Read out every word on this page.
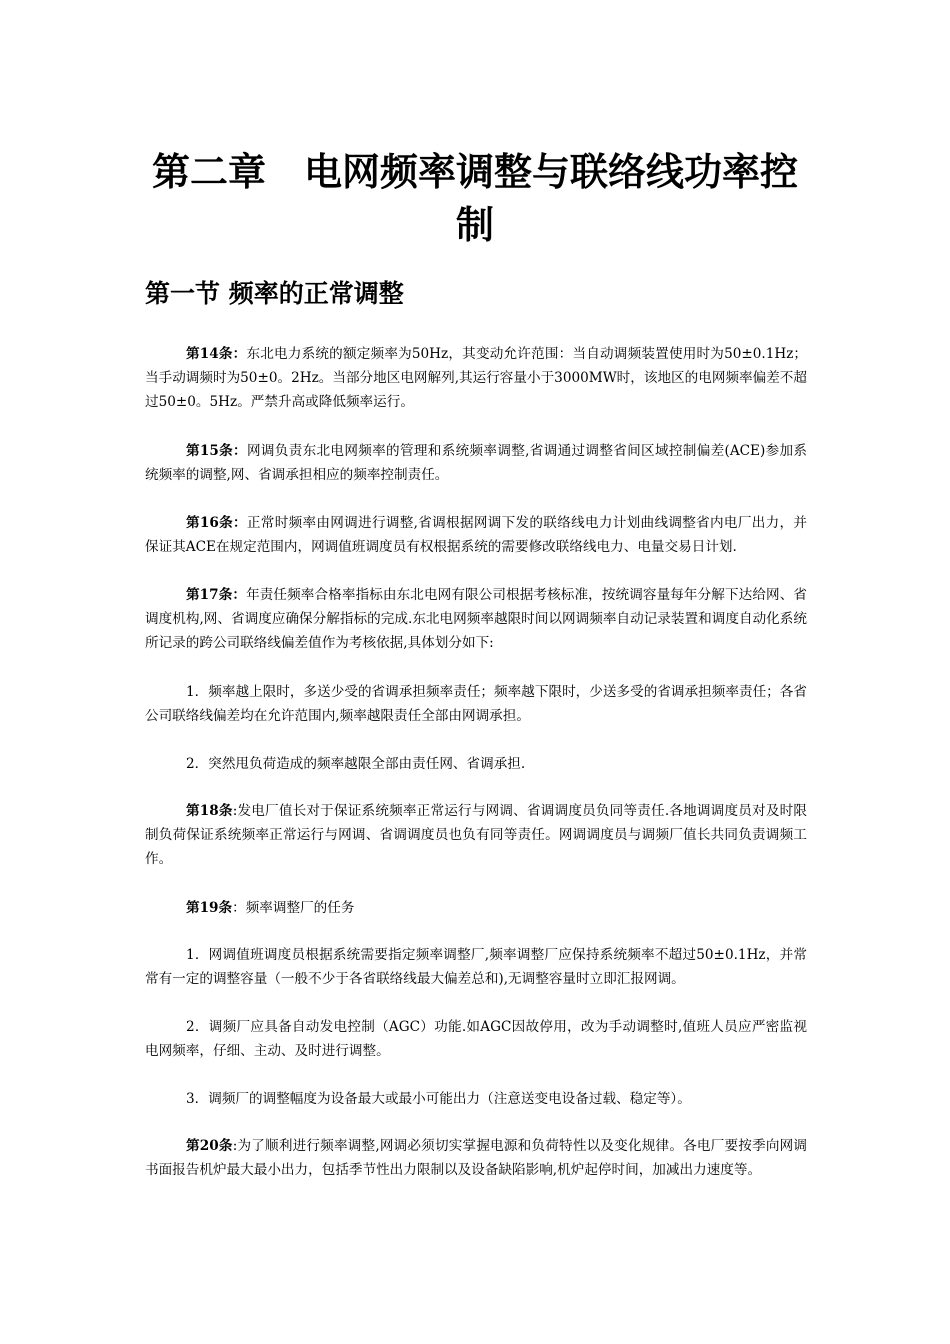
第二章　电网频率调整与联络线功率控
制
第一节 频率的正常调整
第14条：东北电力系统的额定频率为50Hz，其变动允许范围：当自动调频装置使用时为50±0.1Hz；当手动调频时为50±0。2Hz。当部分地区电网解列,其运行容量小于3000MW时，该地区的电网频率偏差不超过50±0。5Hz。严禁升高或降低频率运行。
第15条：网调负责东北电网频率的管理和系统频率调整,省调通过调整省间区域控制偏差(ACE)参加系统频率的调整,网、省调承担相应的频率控制责任。
第16条：正常时频率由网调进行调整,省调根据网调下发的联络线电力计划曲线调整省内电厂出力，并保证其ACE在规定范围内，网调值班调度员有权根据系统的需要修改联络线电力、电量交易日计划.
第17条：年责任频率合格率指标由东北电网有限公司根据考核标准，按统调容量每年分解下达给网、省调度机构,网、省调度应确保分解指标的完成.东北电网频率越限时间以网调频率自动记录装置和调度自动化系统所记录的跨公司联络线偏差值作为考核依据,具体划分如下:
1．频率越上限时，多送少受的省调承担频率责任；频率越下限时，少送多受的省调承担频率责任；各省公司联络线偏差均在允许范围内,频率越限责任全部由网调承担。
2．突然甩负荷造成的频率越限全部由责任网、省调承担.
第18条:发电厂值长对于保证系统频率正常运行与网调、省调调度员负同等责任.各地调调度员对及时限制负荷保证系统频率正常运行与网调、省调调度员也负有同等责任。网调调度员与调频厂值长共同负责调频工作。
第19条：频率调整厂的任务
1．网调值班调度员根据系统需要指定频率调整厂,频率调整厂应保持系统频率不超过50±0.1Hz，并常常有一定的调整容量（一般不少于各省联络线最大偏差总和),无调整容量时立即汇报网调。
2．调频厂应具备自动发电控制（AGC）功能.如AGC因故停用，改为手动调整时,值班人员应严密监视电网频率，仔细、主动、及时进行调整。
3．调频厂的调整幅度为设备最大或最小可能出力（注意送变电设备过载、稳定等）。
第20条:为了顺利进行频率调整,网调必须切实掌握电源和负荷特性以及变化规律。各电厂要按季向网调书面报告机炉最大最小出力，包括季节性出力限制以及设备缺陷影响,机炉起停时间，加减出力速度等。
